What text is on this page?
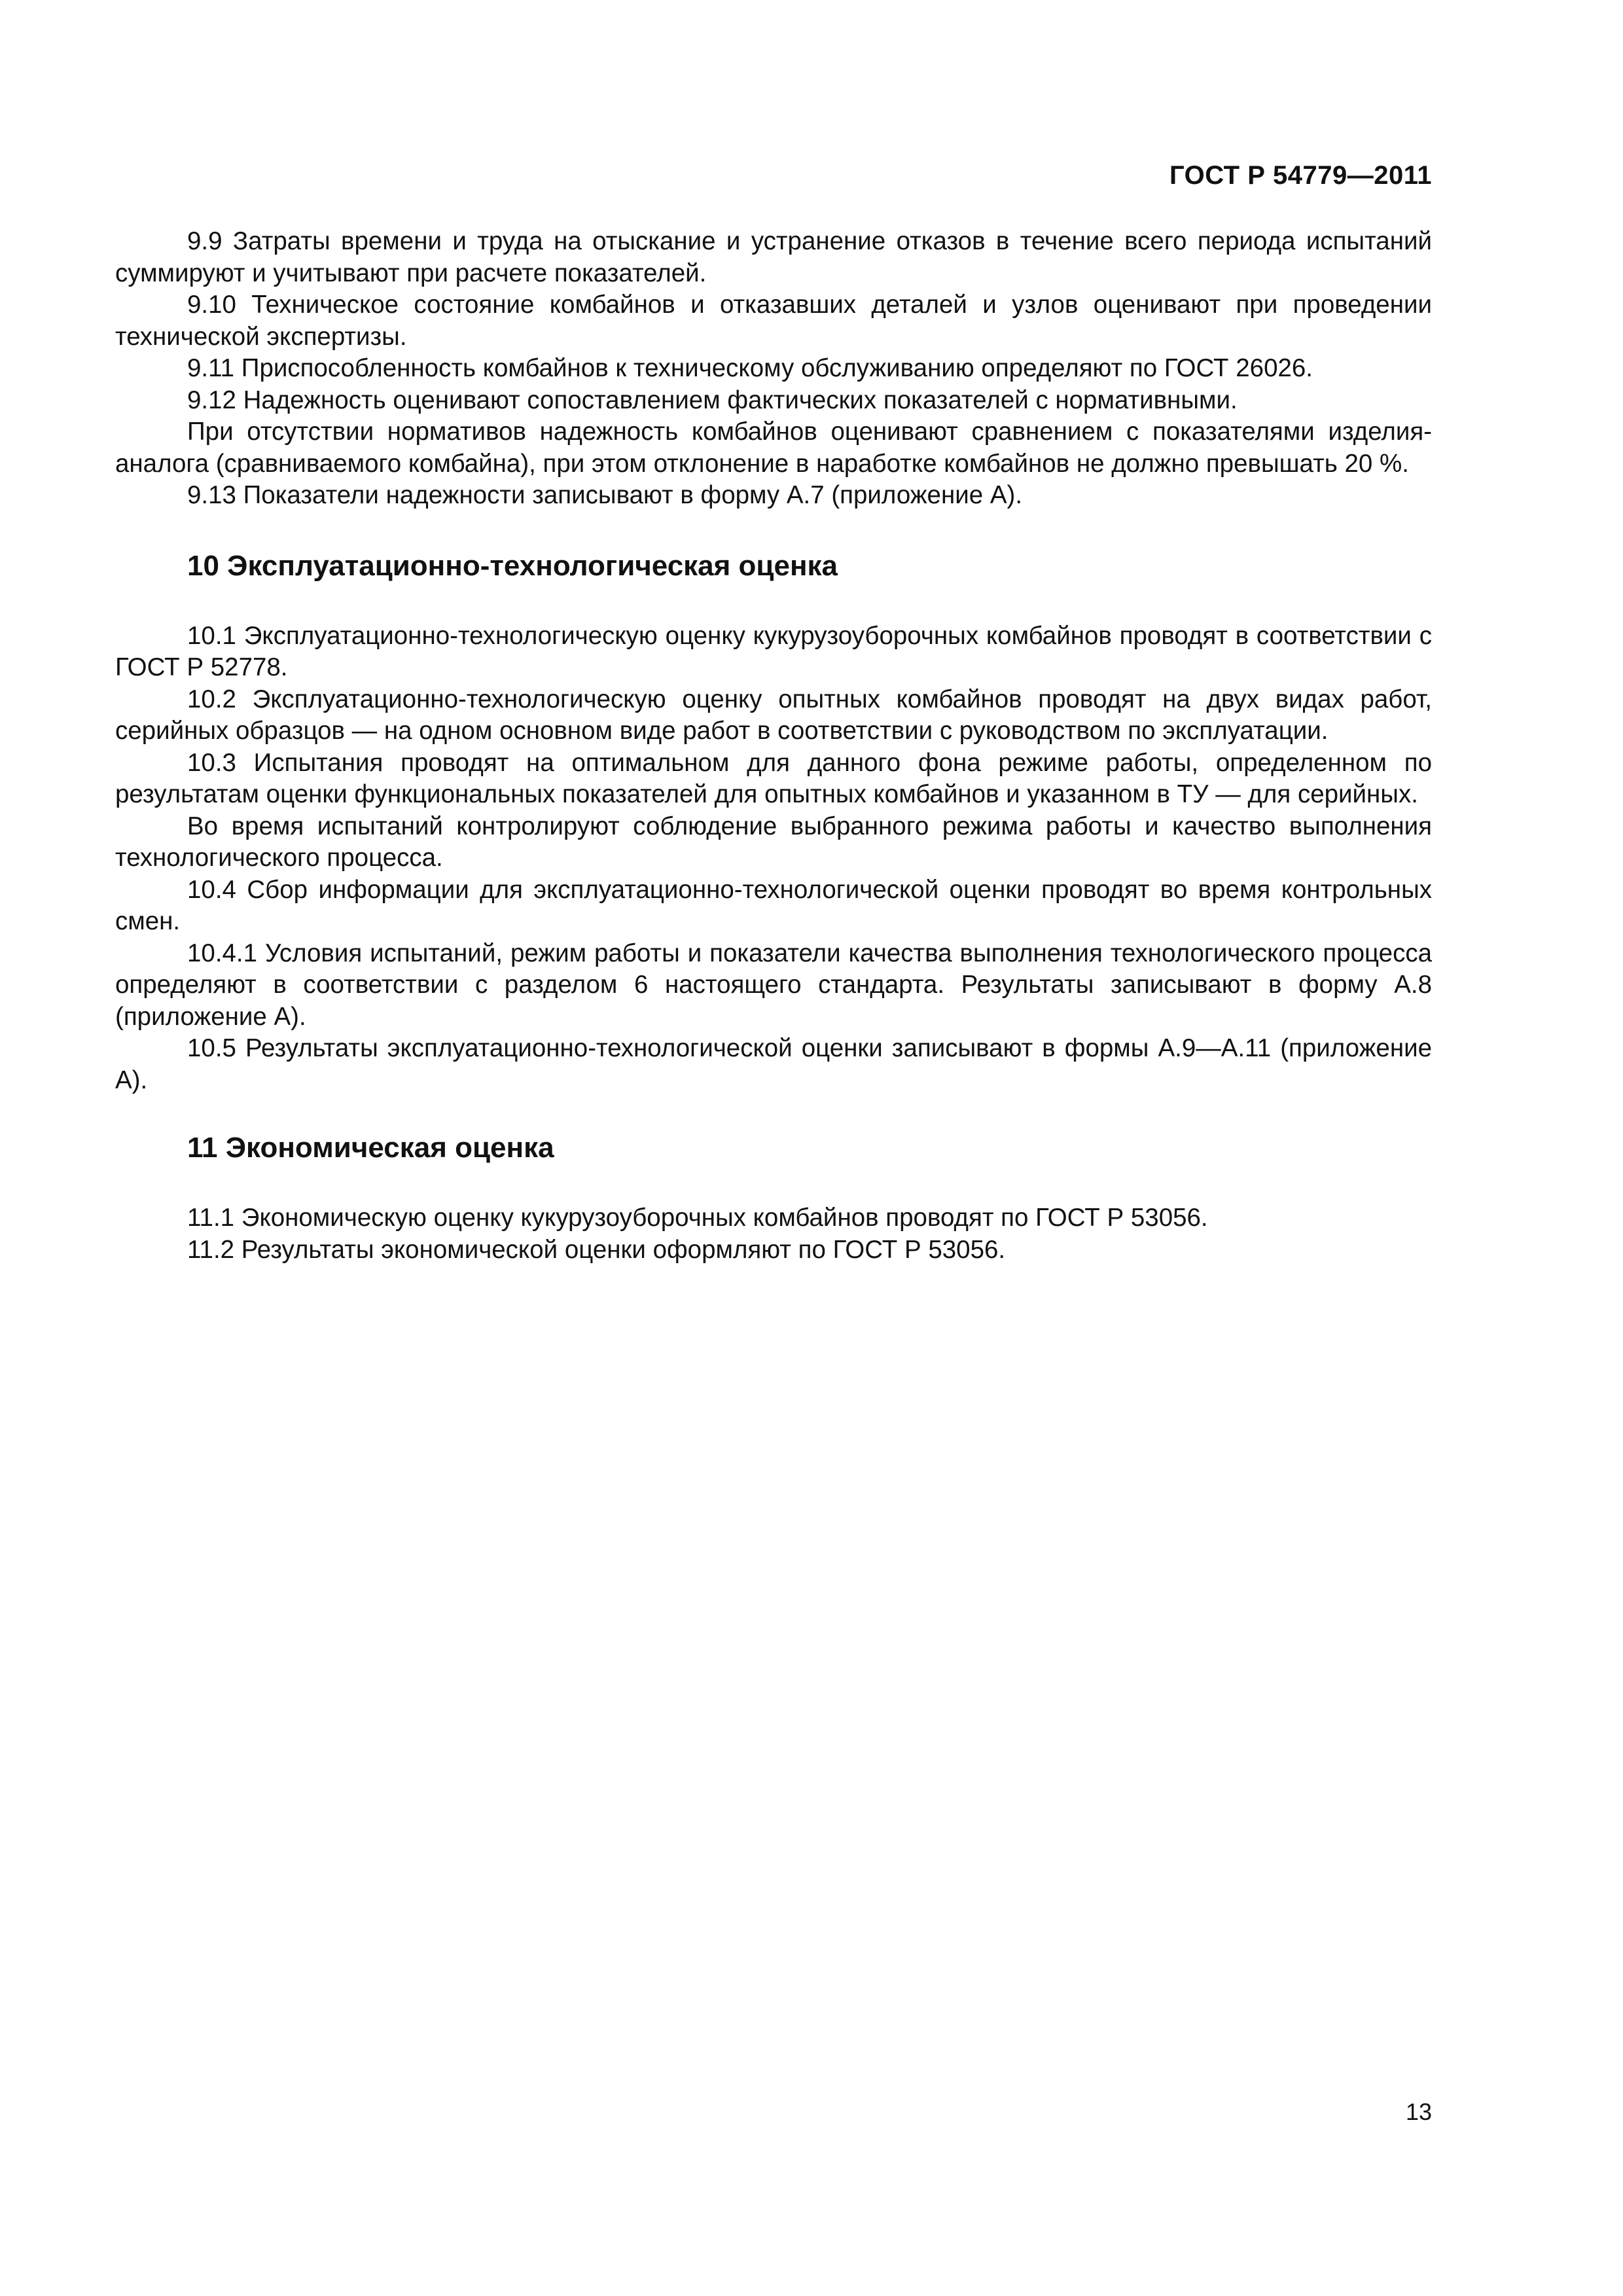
ГОСТ Р 54779—2011

9.9 Затраты времени и труда на отыскание и устранение отказов в течение всего периода испытаний суммируют и учитывают при расчете показателей.

9.10 Техническое состояние комбайнов и отказавших деталей и узлов оценивают при проведении технической экспертизы.

9.11 Приспособленность комбайнов к техническому обслуживанию определяют по ГОСТ 26026.

9.12 Надежность оценивают сопоставлением фактических показателей с нормативными.

При отсутствии нормативов надежность комбайнов оценивают сравнением с показателями изделия-аналога (сравниваемого комбайна), при этом отклонение в наработке комбайнов не должно превышать 20 %.

9.13 Показатели надежности записывают в форму А.7 (приложение А).

10 Эксплуатационно-технологическая оценка

10.1 Эксплуатационно-технологическую оценку кукурузоуборочных комбайнов проводят в соответствии с ГОСТ Р 52778.

10.2 Эксплуатационно-технологическую оценку опытных комбайнов проводят на двух видах работ, серийных образцов — на одном основном виде работ в соответствии с руководством по эксплуатации.

10.3 Испытания проводят на оптимальном для данного фона режиме работы, определенном по результатам оценки функциональных показателей для опытных комбайнов и указанном в ТУ — для серийных.

Во время испытаний контролируют соблюдение выбранного режима работы и качество выполнения технологического процесса.

10.4 Сбор информации для эксплуатационно-технологической оценки проводят во время контрольных смен.

10.4.1 Условия испытаний, режим работы и показатели качества выполнения технологического процесса определяют в соответствии с разделом 6 настоящего стандарта. Результаты записывают в форму А.8 (приложение А).

10.5 Результаты эксплуатационно-технологической оценки записывают в формы А.9—А.11 (приложение А).

11 Экономическая оценка

11.1 Экономическую оценку кукурузоуборочных комбайнов проводят по ГОСТ Р 53056.

11.2 Результаты экономической оценки оформляют по ГОСТ Р 53056.

13
